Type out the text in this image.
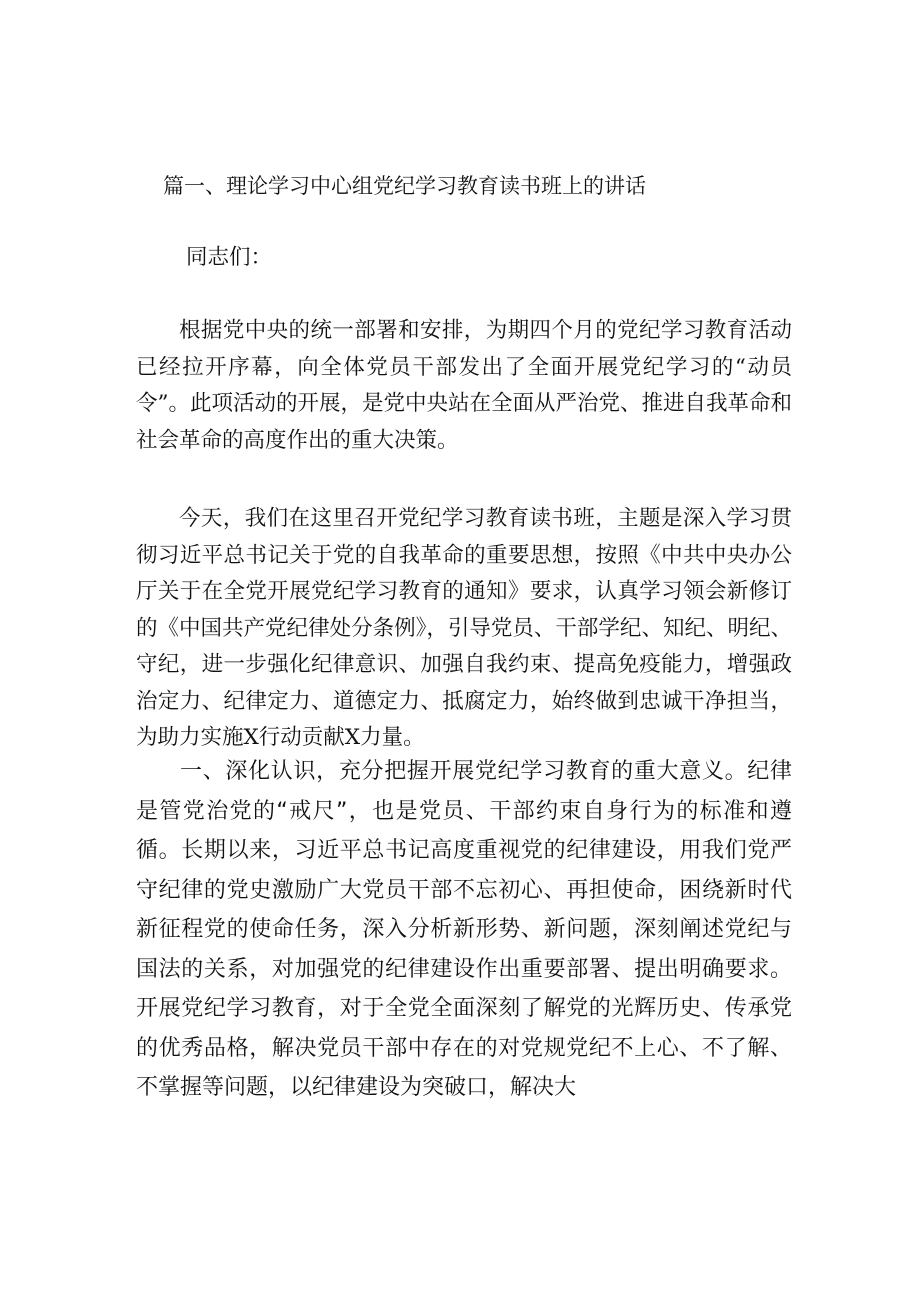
篇一、理论学习中心组党纪学习教育读书班上的讲话
同志们：

根据党中央的统一部署和安排，为期四个月的党纪学习教育活动已经拉开序幕，向全体党员干部发出了全面开展党纪学习的“动员令”。此项活动的开展，是党中央站在全面从严治党、推进自我革命和社会革命的高度作出的重大决策。

今天，我们在这里召开党纪学习教育读书班，主题是深入学习贯彻习近平总书记关于党的自我革命的重要思想，按照《中共中央办公厅关于在全党开展党纪学习教育的通知》要求，认真学习领会新修订的《中国共产党纪律处分条例》，引导党员、干部学纪、知纪、明纪、守纪，进一步强化纪律意识、加强自我约束、提高免疫能力，增强政治定力、纪律定力、道德定力、抵腐定力，始终做到忠诚干净担当，为助力实施X行动贡献X力量。

一、深化认识，充分把握开展党纪学习教育的重大意义。纪律是管党治党的“戒尺”，也是党员、干部约束自身行为的标准和遵循。长期以来，习近平总书记高度重视党的纪律建设，用我们党严守纪律的党史激励广大党员干部不忘初心、再担使命，困绕新时代新征程党的使命任务，深入分析新形势、新问题，深刻阐述党纪与国法的关系，对加强党的纪律建设作出重要部署、提出明确要求。开展党纪学习教育，对于全党全面深刻了解党的光辉历史、传承党的优秀品格，解决党员干部中存在的对党规党纪不上心、不了解、不掌握等问题，以纪律建设为突破口，解决大
